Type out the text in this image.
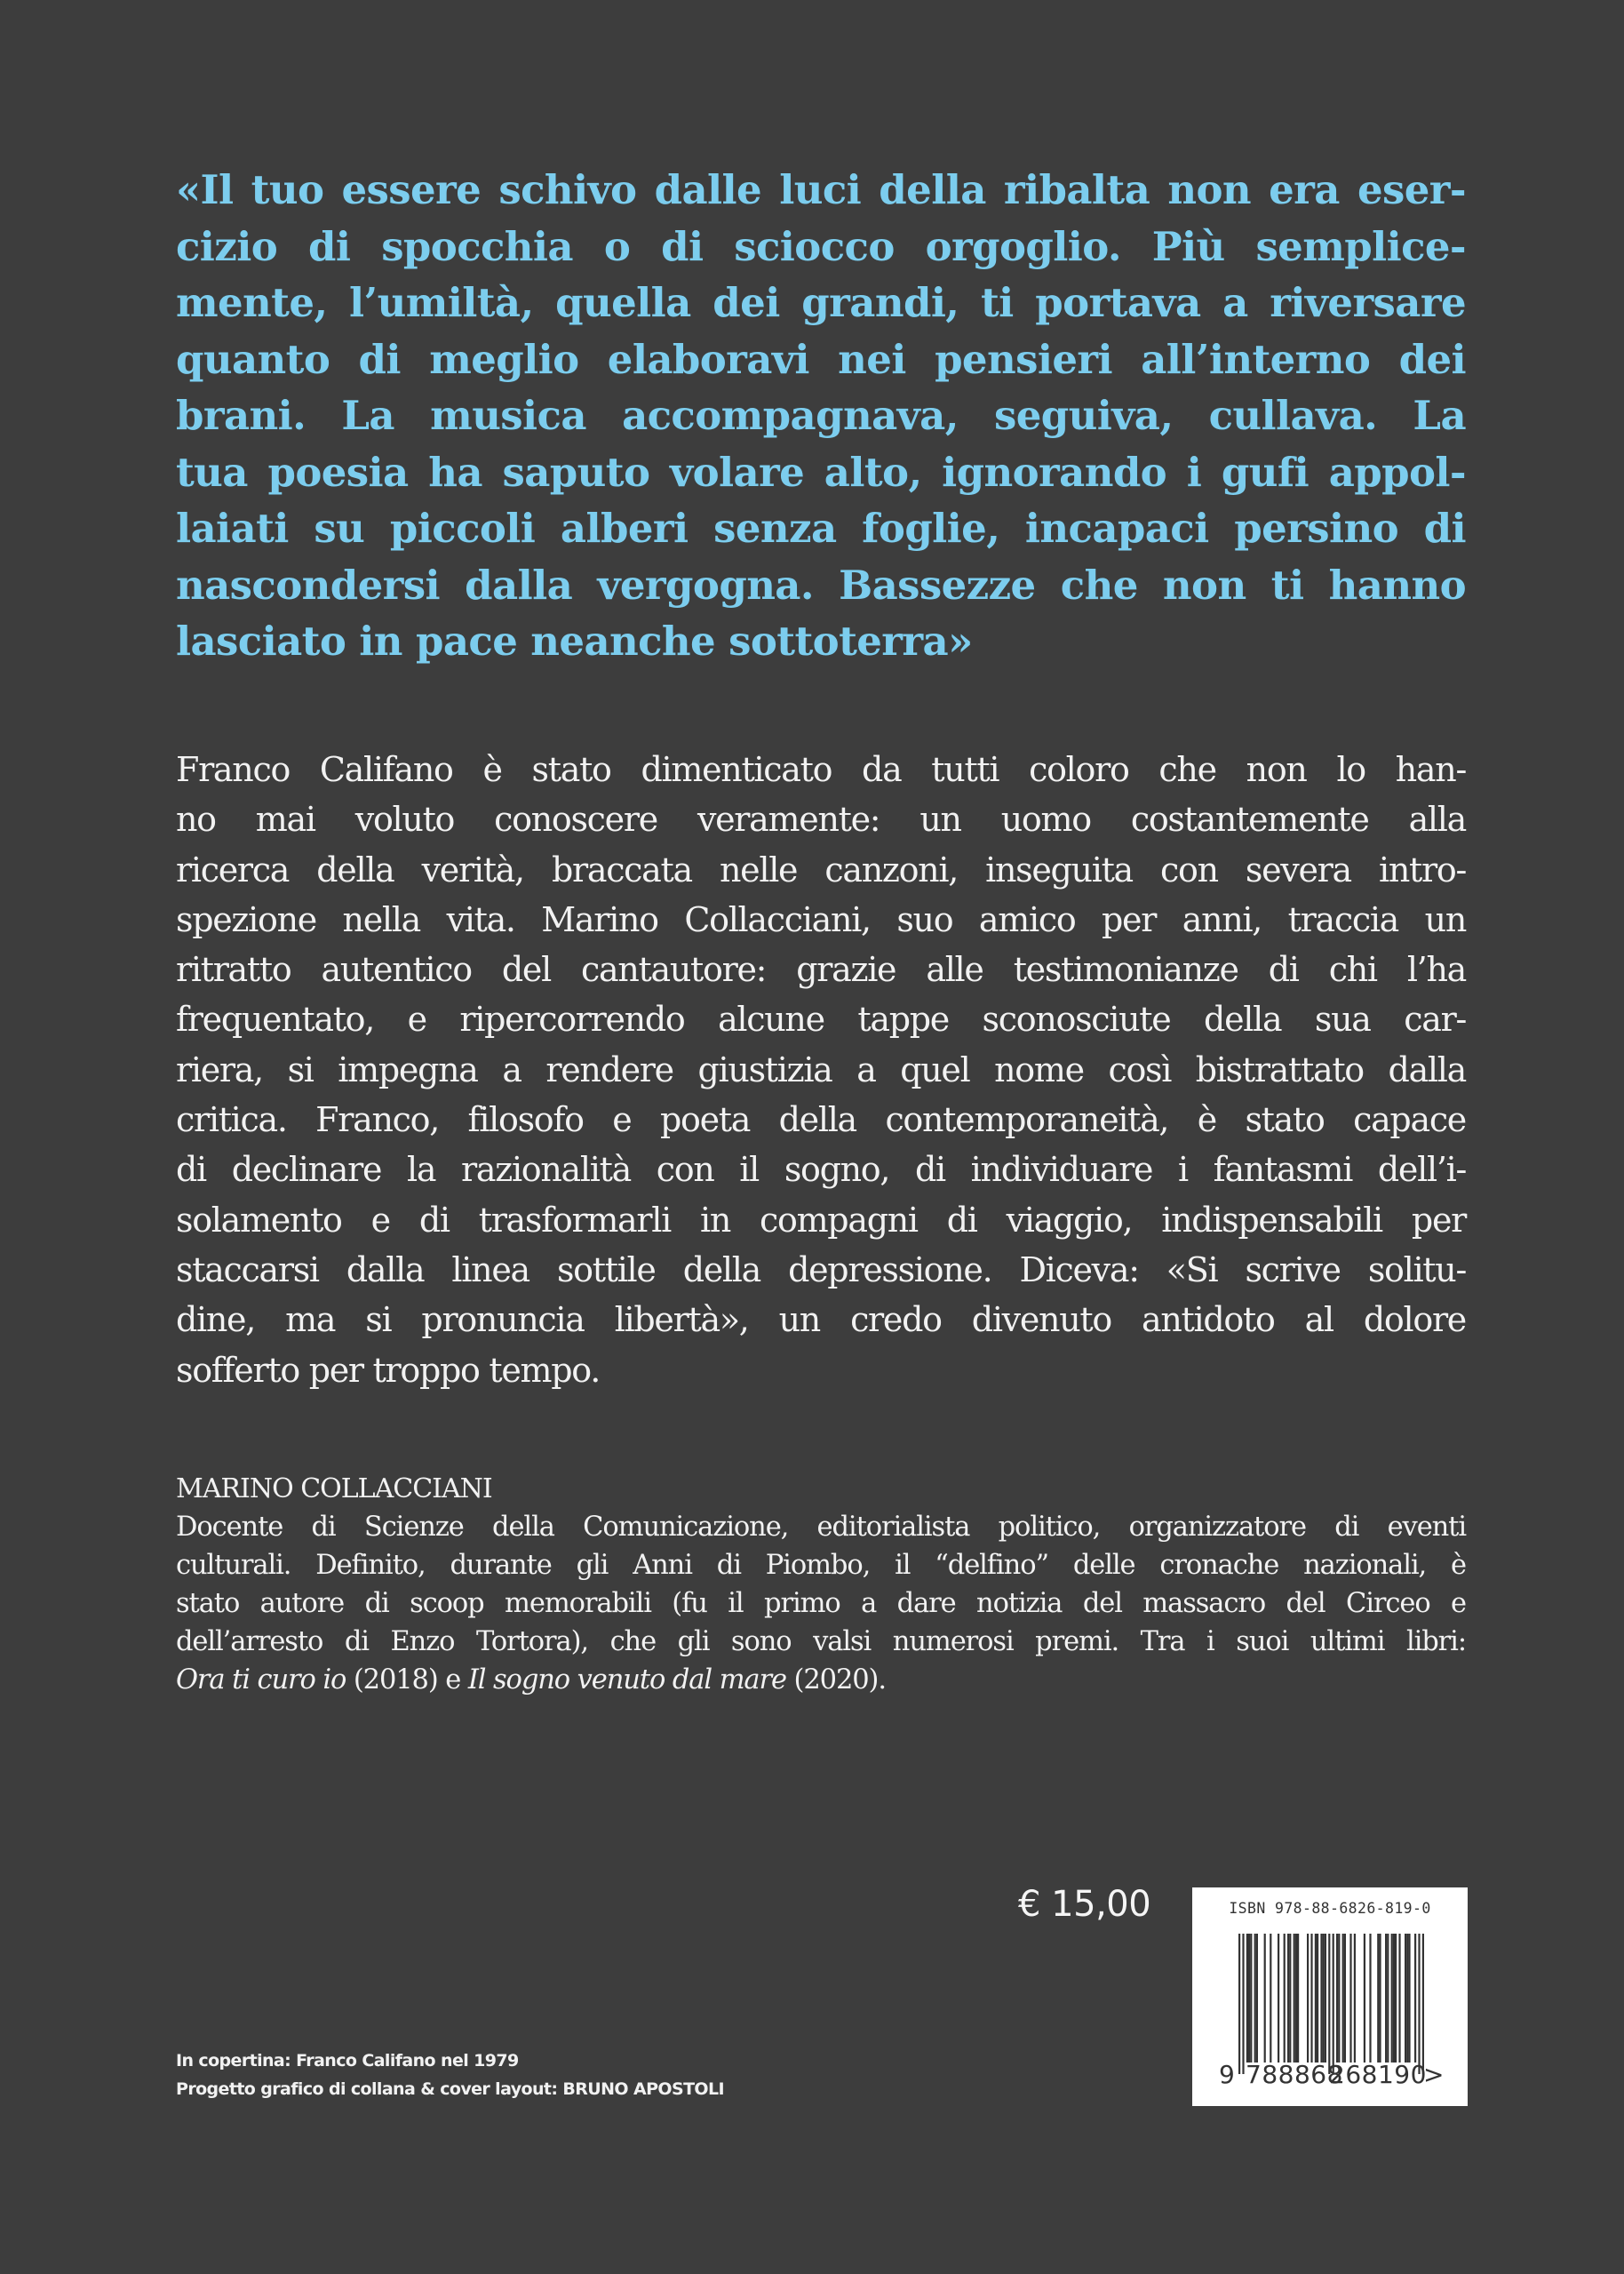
«Il tuo essere schivo dalle luci della ribalta non era eser-
cizio di spocchia o di sciocco orgoglio. Più semplice-
mente, l’umiltà, quella dei grandi, ti portava a riversare
quanto di meglio elaboravi nei pensieri all’interno dei
brani. La musica accompagnava, seguiva, cullava. La
tua poesia ha saputo volare alto, ignorando i gufi appol-
laiati su piccoli alberi senza foglie, incapaci persino di
nascondersi dalla vergogna. Bassezze che non ti hanno
lasciato in pace neanche sottoterra»
Franco Califano è stato dimenticato da tutti coloro che non lo han-
no mai voluto conoscere veramente: un uomo costantemente alla
ricerca della verità, braccata nelle canzoni, inseguita con severa intro-
spezione nella vita. Marino Collacciani, suo amico per anni, traccia un
ritratto autentico del cantautore: grazie alle testimonianze di chi l’ha
frequentato, e ripercorrendo alcune tappe sconosciute della sua car-
riera, si impegna a rendere giustizia a quel nome così bistrattato dalla
critica. Franco, filosofo e poeta della contemporaneità, è stato capace
di declinare la razionalità con il sogno, di individuare i fantasmi dell’i-
solamento e di trasformarli in compagni di viaggio, indispensabili per
staccarsi dalla linea sottile della depressione. Diceva: «Si scrive solitu-
dine, ma si pronuncia libertà», un credo divenuto antidoto al dolore
sofferto per troppo tempo.
MARINO COLLACCIANI
Docente di Scienze della Comunicazione, editorialista politico, organizzatore di eventi
culturali. Definito, durante gli Anni di Piombo, il “delfino” delle cronache nazionali, è
stato autore di scoop memorabili (fu il primo a dare notizia del massacro del Circeo e
dell’arresto di Enzo Tortora), che gli sono valsi numerosi premi. Tra i suoi ultimi libri:
Ora ti curo io (2018) e Il sogno venuto dal mare (2020).
€ 15,00	ISBN 978-88-6826-819-0
9 788868
268190
>
In copertina: Franco Califano nel 1979
Progetto grafico di collana & cover layout: BRUNO APOSTOLI
